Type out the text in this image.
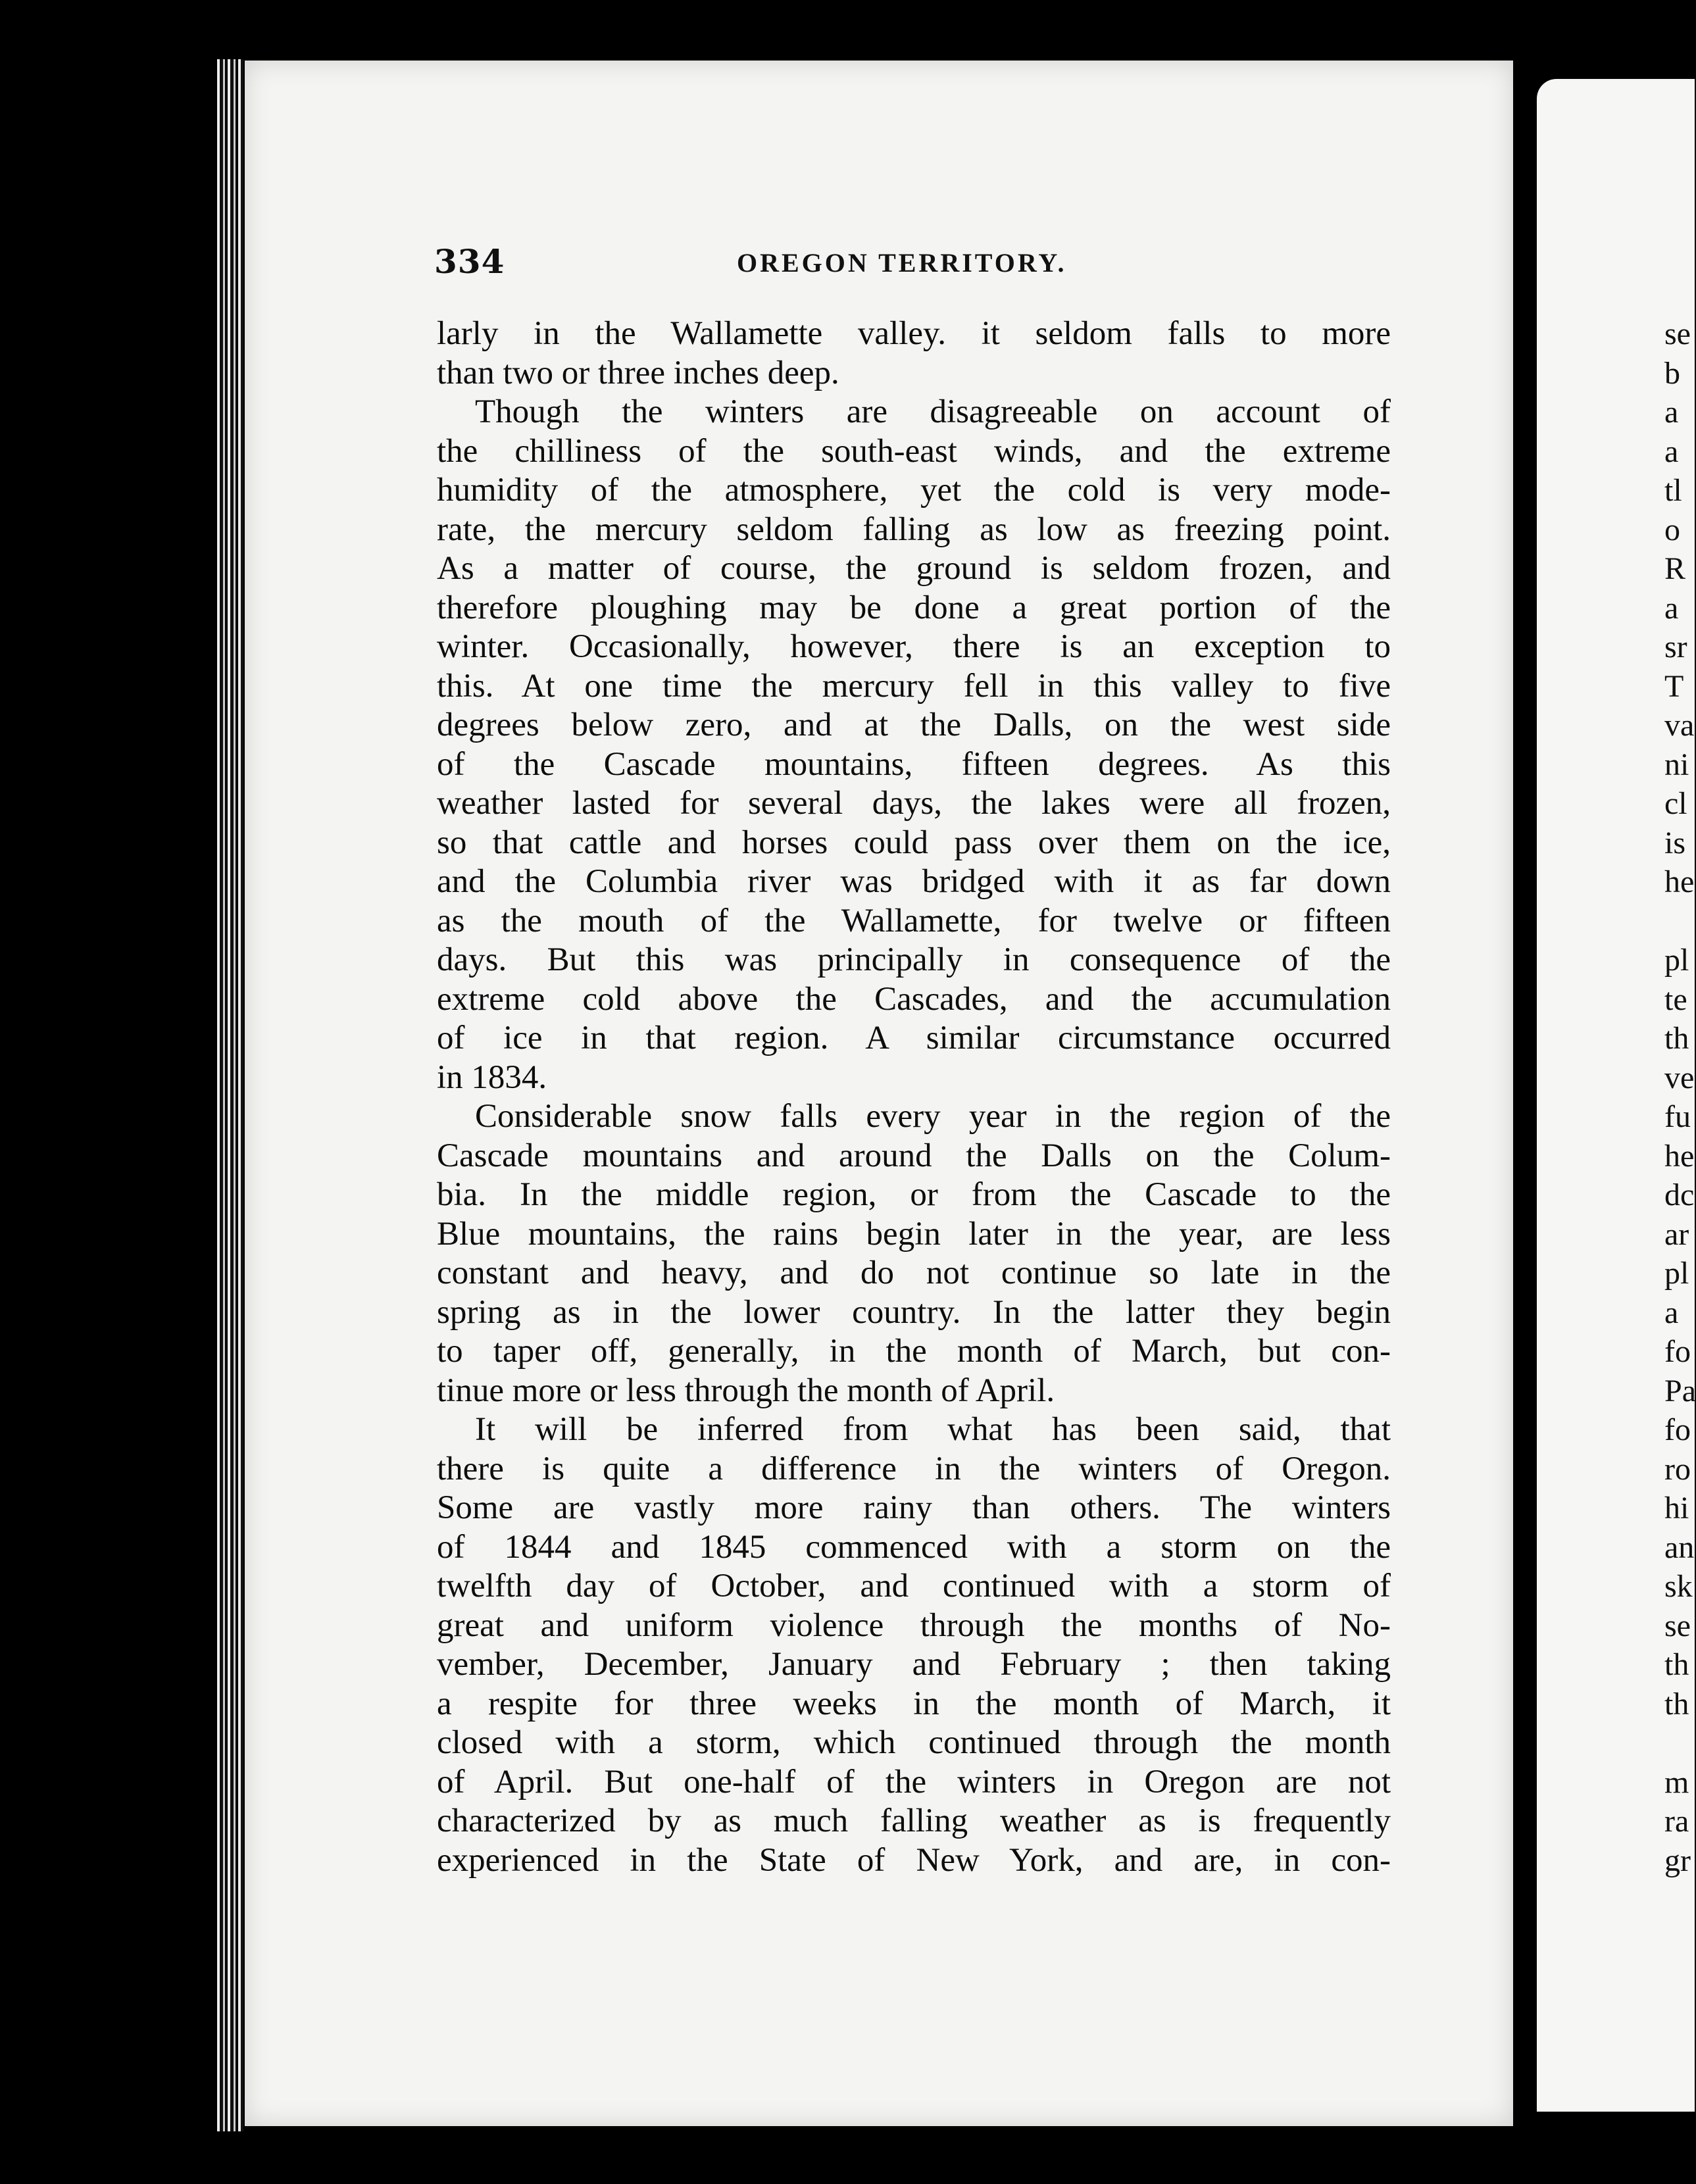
334	OREGON TERRITORY.
larly in the Wallamette valley. it seldom falls to more
than two or three inches deep.
Though the winters are disagreeable on account of
the chilliness of the south-east winds, and the extreme
humidity of the atmosphere, yet the cold is very mode-
rate, the mercury seldom falling as low as freezing point.
As a matter of course, the ground is seldom frozen, and
therefore ploughing may be done a great portion of the
winter. Occasionally, however, there is an exception to
this. At one time the mercury fell in this valley to five
degrees below zero, and at the Dalls, on the west side
of the Cascade mountains, fifteen degrees. As this
weather lasted for several days, the lakes were all frozen,
so that cattle and horses could pass over them on the ice,
and the Columbia river was bridged with it as far down
as the mouth of the Wallamette, for twelve or fifteen
days. But this was principally in consequence of the
extreme cold above the Cascades, and the accumulation
of ice in that region. A similar circumstance occurred
in 1834.
Considerable snow falls every year in the region of the
Cascade mountains and around the Dalls on the Colum-
bia. In the middle region, or from the Cascade to the
Blue mountains, the rains begin later in the year, are less
constant and heavy, and do not continue so late in the
spring as in the lower country. In the latter they begin
to taper off, generally, in the month of March, but con-
tinue more or less through the month of April.
It will be inferred from what has been said, that
there is quite a difference in the winters of Oregon.
Some are vastly more rainy than others. The winters
of 1844 and 1845 commenced with a storm on the
twelfth day of October, and continued with a storm of
great and uniform violence through the months of No-
vember, December, January and February ; then taking
a respite for three weeks in the month of March, it
closed with a storm, which continued through the month
of April. But one-half of the winters in Oregon are not
characterized by as much falling weather as is frequently
experienced in the State of New York, and are, in con-
se
b
a
a
tl
o
R
a
sr
T
va
ni
cl
is
he
pl
te
th
ve
fu
he
dc
ar
pl
a
fo
Pa
fo
ro
hi
an
sk
se
th
th
m
ra
gr
